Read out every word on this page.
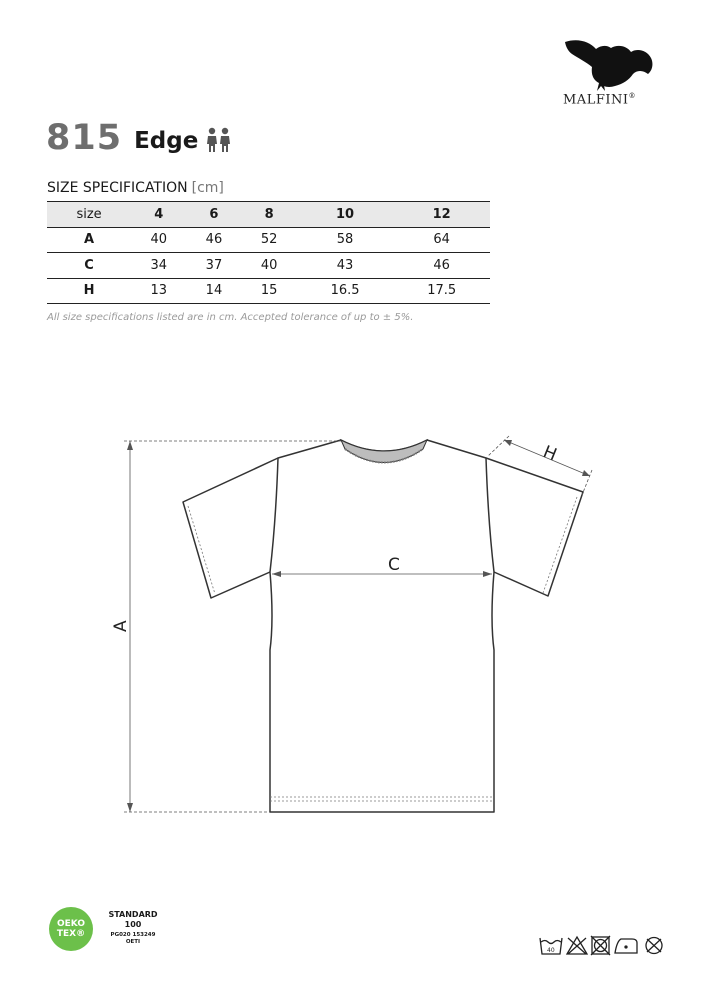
MALFINI®
815 Edge
SIZE SPECIFICATION [cm]
size	4	6	8	10	12
A	40	46	52	58	64
C	34	37	40	43	46
H	13	14	15	16.5	17.5
All size specifications listed are in cm. Accepted tolerance of up to ± 5%.
C
A
H
OEKO
TEX®
STANDARD
100
PG020 153249
OETI
40
